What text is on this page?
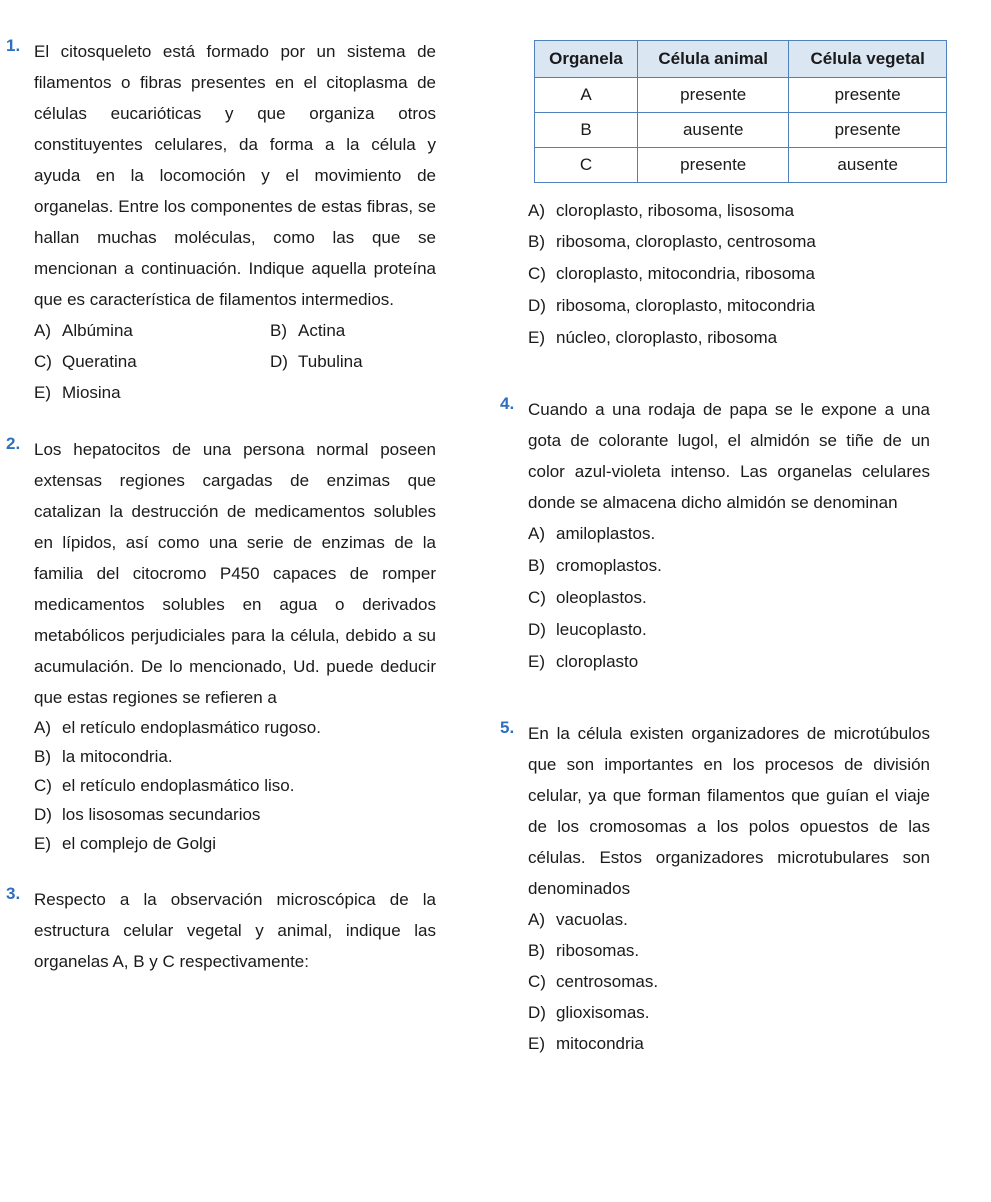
1. El citosqueleto está formado por un sistema de filamentos o fibras presentes en el citoplasma de células eucarióticas y que organiza otros constituyentes celulares, da forma a la célula y ayuda en la locomoción y el movimiento de organelas. Entre los componentes de estas fibras, se hallan muchas moléculas, como las que se mencionan a continuación. Indique aquella proteína que es característica de filamentos intermedios.

A) Albúmina	B) Actina
C) Queratina	D) Tubulina
E) Miosina
2. Los hepatocitos de una persona normal poseen extensas regiones cargadas de enzimas que catalizan la destrucción de medicamentos solubles en lípidos, así como una serie de enzimas de la familia del citocromo P450 capaces de romper medicamentos solubles en agua o derivados metabólicos perjudiciales para la célula, debido a su acumulación. De lo mencionado, Ud. puede deducir que estas regiones se refieren a

A) el retículo endoplasmático rugoso.
B) la mitocondria.
C) el retículo endoplasmático liso.
D) los lisosomas secundarios
E) el complejo de Golgi
3. Respecto a la observación microscópica de la estructura celular vegetal y animal, indique las organelas A, B y C respectivamente:

Organela	Célula animal	Célula vegetal
A	presente	presente
B	ausente	presente
C	presente	ausente
A) cloroplasto, ribosoma, lisosoma
B) ribosoma, cloroplasto, centrosoma
C) cloroplasto, mitocondria, ribosoma
D) ribosoma, cloroplasto, mitocondria
E) núcleo, cloroplasto, ribosoma
4. Cuando a una rodaja de papa se le expone a una gota de colorante lugol, el almidón se tiñe de un color azul-violeta intenso. Las organelas celulares donde se almacena dicho almidón se denominan

A) amiloplastos.
B) cromoplastos.
C) oleoplastos.
D) leucoplasto.
E) cloroplasto
5. En la célula existen organizadores de microtúbulos que son importantes en los procesos de división celular, ya que forman filamentos que guían el viaje de los cromosomas a los polos opuestos de las células. Estos organizadores microtubulares son denominados

A) vacuolas.
B) ribosomas.
C) centrosomas.
D) glioxisomas.
E) mitocondria
